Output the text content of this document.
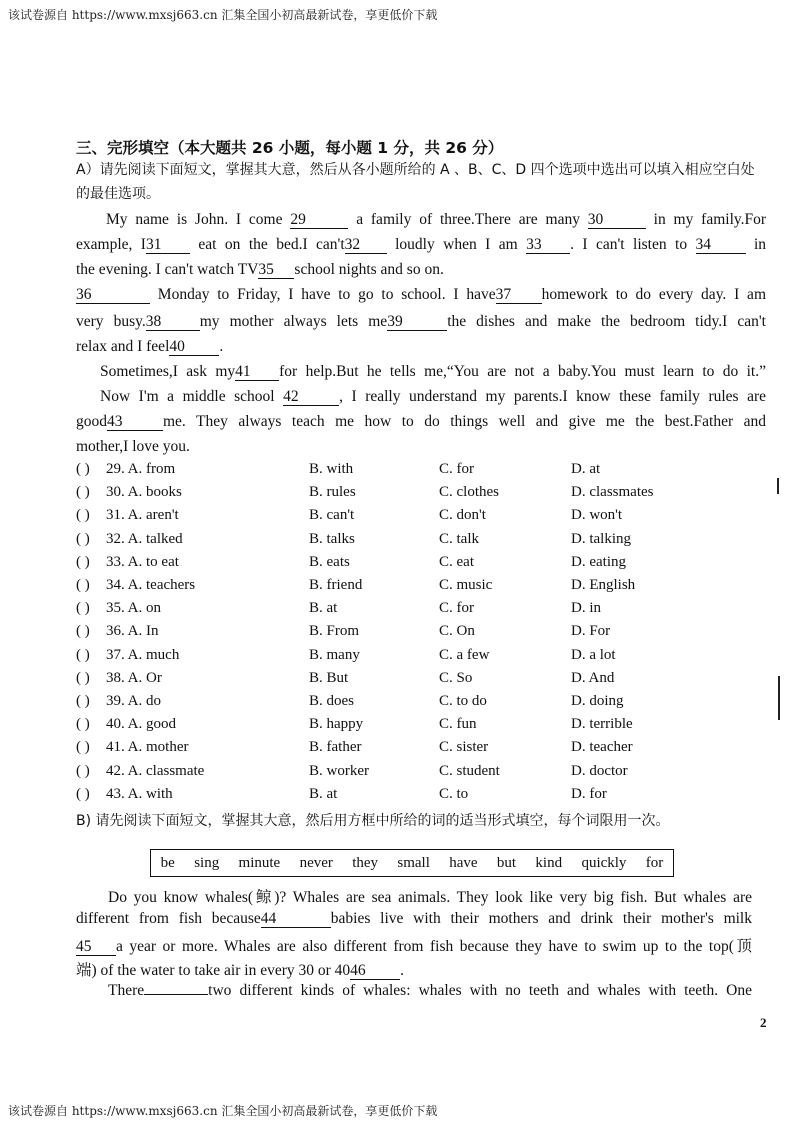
该试卷源自 https://www.mxsj663.cn 汇集全国小初高最新试卷，享更低价下载
三、完形填空（本大题共 26 小题，每小题 1 分，共 26 分）
A）请先阅读下面短文，掌握其大意，然后从各小题所给的 A 、B、C、D 四个选项中选出可以填入相应空白处的最佳选项。
My name is John. I come 29	a family of three.There are many 30	in my family.For
example, I31 eat on the bed.I can't32 loudly when I am 33 . I can't listen to 34	in
the evening. I can't watch TV35 school nights and so on.
36	Monday to Friday, I have to go to school. I have37 homework to do every day. I am
very busy.38 my mother always lets me39	the dishes and make the bedroom tidy.I can't
relax and I feel40 .
Sometimes,I ask my41 for help.But he tells me,“You are not a baby.You must learn to do it.”
Now I'm a middle school 42	, I really understand my parents.I know these family rules are
good43	me. They always teach me how to do things well and give me the best.Father and
mother,I love you.
( ) 29. A. from	B. with	C. for	D. at
( ) 30. A. books	B. rules	C. clothes	D. classmates
( ) 31. A. aren't	B. can't	C. don't	D. won't
( ) 32. A. talked	B. talks	C. talk	D. talking
( ) 33. A. to eat	B. eats	C. eat	D. eating
( ) 34. A. teachers	B. friend	C. music	D. English
( ) 35. A. on	B. at	C. for	D. in
( ) 36. A. In	B. From	C. On	D. For
( ) 37. A. much	B. many	C. a few	D. a lot
( ) 38. A. Or	B. But	C. So	D. And
( ) 39. A. do	B. does	C. to do	D. doing
( ) 40. A. good	B. happy	C. fun	D. terrible
( ) 41. A. mother	B. father	C. sister	D. teacher
( ) 42. A. classmate	B. worker	C. student	D. doctor
( ) 43. A. with	B. at	C. to	D. for
B) 请先阅读下面短文，掌握其大意，然后用方框中所给的词的适当形式填空，每个词限用一次。
be sing minute never they small have but kind quickly for
Do you know whales(鲸)? Whales are sea animals. They look like very big fish. But whales are
different from fish because44	babies live with their mothers and drink their mother's milk
45 a year or more. Whales are also different from fish because they have to swim up to the top(顶
端) of the water to take air in every 30 or 4046 .
There	two different kinds of whales: whales with no teeth and whales with teeth. One
2
该试卷源自 https://www.mxsj663.cn 汇集全国小初高最新试卷，享更低价下载
